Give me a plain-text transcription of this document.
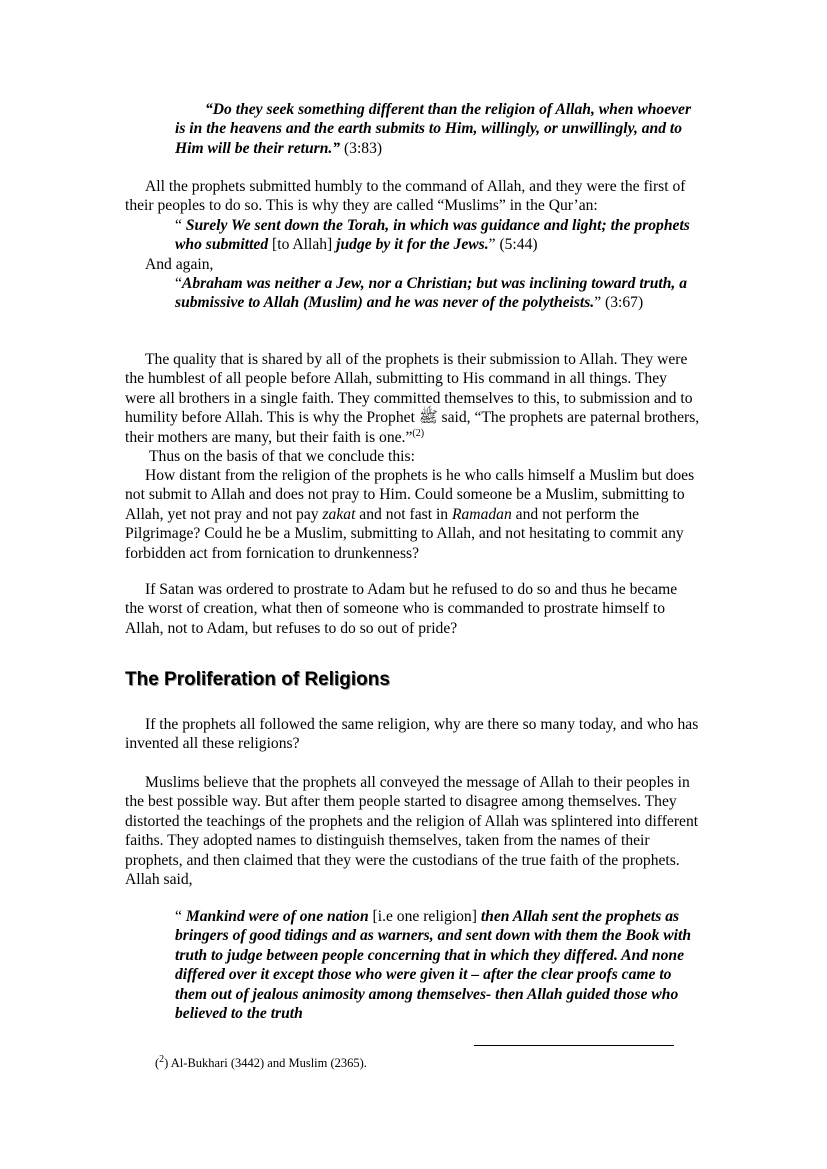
“Do they seek something different than the religion of Allah, when whoever is in the heavens and the earth submits to Him, willingly, or unwillingly, and to Him will be their return.” (3:83)

All the prophets submitted humbly to the command of Allah, and they were the first of their peoples to do so. This is why they are called “Muslims” in the Qur’an:

“ Surely We sent down the Torah, in which was guidance and light; the prophets who submitted [to Allah] judge by it for the Jews.” (5:44)

And again,

“Abraham was neither a Jew, nor a Christian; but was inclining toward truth, a submissive to Allah (Muslim) and he was never of the polytheists.” (3:67)

The quality that is shared by all of the prophets is their submission to Allah. They were the humblest of all people before Allah, submitting to His command in all things. They were all brothers in a single faith. They committed themselves to this, to submission and to humility before Allah. This is why the Prophet ﷺ said, “The prophets are paternal brothers, their mothers are many, but their faith is one.”$^{(2)}$

Thus on the basis of that we conclude this:

How distant from the religion of the prophets is he who calls himself a Muslim but does not submit to Allah and does not pray to Him. Could someone be a Muslim, submitting to Allah, yet not pray and not pay zakat and not fast in Ramadan and not perform the Pilgrimage? Could he be a Muslim, submitting to Allah, and not hesitating to commit any forbidden act from fornication to drunkenness?

If Satan was ordered to prostrate to Adam but he refused to do so and thus he became the worst of creation, what then of someone who is commanded to prostrate himself to Allah, not to Adam, but refuses to do so out of pride?

The Proliferation of Religions

If the prophets all followed the same religion, why are there so many today, and who has invented all these religions?

Muslims believe that the prophets all conveyed the message of Allah to their peoples in the best possible way. But after them people started to disagree among themselves. They distorted the teachings of the prophets and the religion of Allah was splintered into different faiths. They adopted names to distinguish themselves, taken from the names of their prophets, and then claimed that they were the custodians of the true faith of the prophets. Allah said,

“ Mankind were of one nation [i.e one religion] then Allah sent the prophets as bringers of good tidings and as warners, and sent down with them the Book with truth to judge between people concerning that in which they differed. And none differed over it except those who were given it – after the clear proofs came to them out of jealous animosity among themselves- then Allah guided those who believed to the truth

($^2$) Al-Bukhari (3442) and Muslim (2365).
